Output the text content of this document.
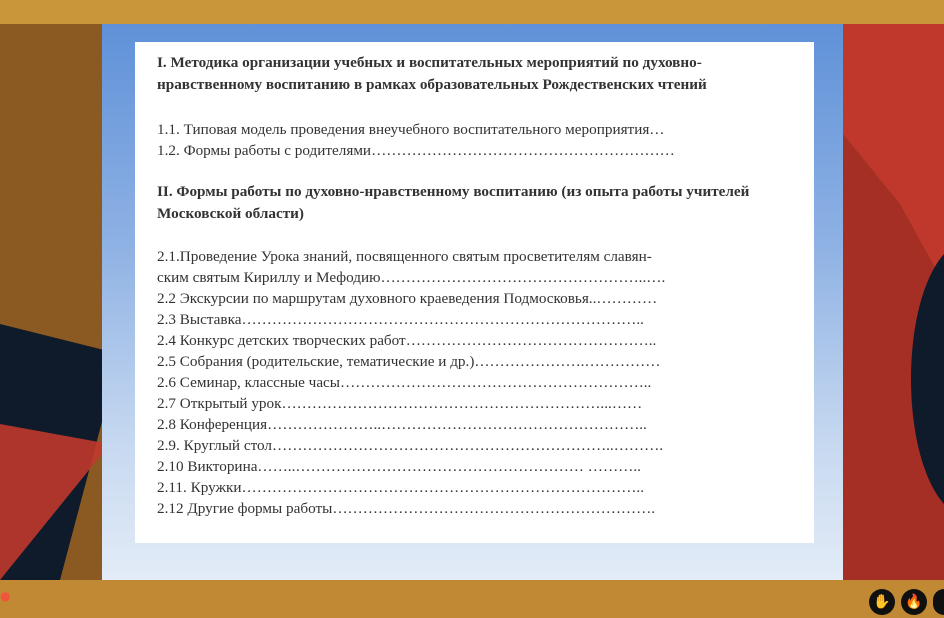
I. Методика организации учебных и воспитательных мероприятий по духовно-нравственному воспитанию в рамках образовательных Рождественских чтений

1.1. Типовая модель проведения внеучебного воспитательного мероприятия…

1.2. Формы работы с родителями……………………………………………………

II. Формы работы по духовно-нравственному воспитанию (из опыта работы учителей Московской области)

2.1.Проведение Урока знаний, посвященного святым просветителям славян-

ским святым Кириллу и Мефодию……………………………………………..….

2.2 Экскурсии по маршрутам духовного краеведения Подмосковья..…………

2.3 Выставка……………………………………………………………………..

2.4 Конкурс детских творческих работ…………………………………………..

2.5 Собрания (родительские, тематические и др.)………………….……………

2.6 Семинар, классные часы……………………………………………………..

2.7 Открытый урок………………………………………………………...……

2.8 Конференция…………………..……………………………………………..

2.9. Круглый стол…………………………………………………………..……….

2.10 Викторина……..………………………………………………… ………..

2.11. Кружки……………………………………………………………………..

2.12 Другие формы работы……………………………………………………….

●	✋	🔥
